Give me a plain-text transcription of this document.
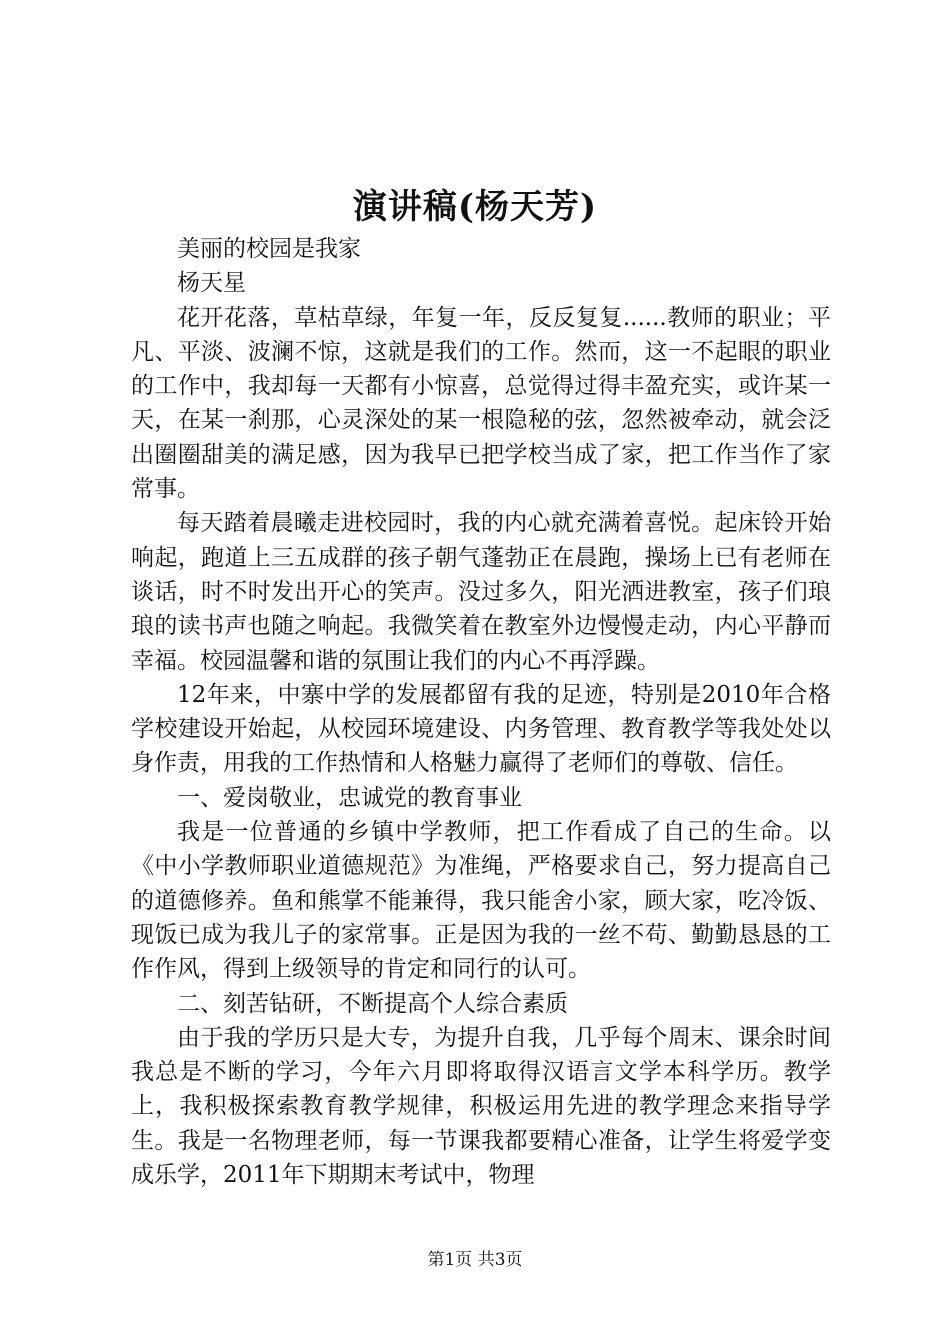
演讲稿(杨天芳)

美丽的校园是我家

杨天星

花开花落，草枯草绿，年复一年，反反复复......教师的职业；平凡、平淡、波澜不惊，这就是我们的工作。然而，这一不起眼的职业的工作中，我却每一天都有小惊喜，总觉得过得丰盈充实，或许某一天，在某一刹那，心灵深处的某一根隐秘的弦，忽然被牵动，就会泛出圈圈甜美的满足感，因为我早已把学校当成了家，把工作当作了家常事。

每天踏着晨曦走进校园时，我的内心就充满着喜悦。起床铃开始响起，跑道上三五成群的孩子朝气蓬勃正在晨跑，操场上已有老师在谈话，时不时发出开心的笑声。没过多久，阳光洒进教室，孩子们琅琅的读书声也随之响起。我微笑着在教室外边慢慢走动，内心平静而幸福。校园温馨和谐的氛围让我们的内心不再浮躁。

12年来，中寨中学的发展都留有我的足迹，特别是2010年合格学校建设开始起，从校园环境建设、内务管理、教育教学等我处处以身作责，用我的工作热情和人格魅力赢得了老师们的尊敬、信任。

一、爱岗敬业，忠诚党的教育事业

我是一位普通的乡镇中学教师，把工作看成了自己的生命。以《中小学教师职业道德规范》为准绳，严格要求自己，努力提高自己的道德修养。鱼和熊掌不能兼得，我只能舍小家，顾大家，吃冷饭、现饭已成为我儿子的家常事。正是因为我的一丝不苟、勤勤恳恳的工作作风，得到上级领导的肯定和同行的认可。

二、刻苦钻研，不断提高个人综合素质

由于我的学历只是大专，为提升自我，几乎每个周末、课余时间我总是不断的学习，今年六月即将取得汉语言文学本科学历。教学上，我积极探索教育教学规律，积极运用先进的教学理念来指导学生。我是一名物理老师，每一节课我都要精心准备，让学生将爱学变成乐学，2011年下期期末考试中，物理

第1页 共3页
